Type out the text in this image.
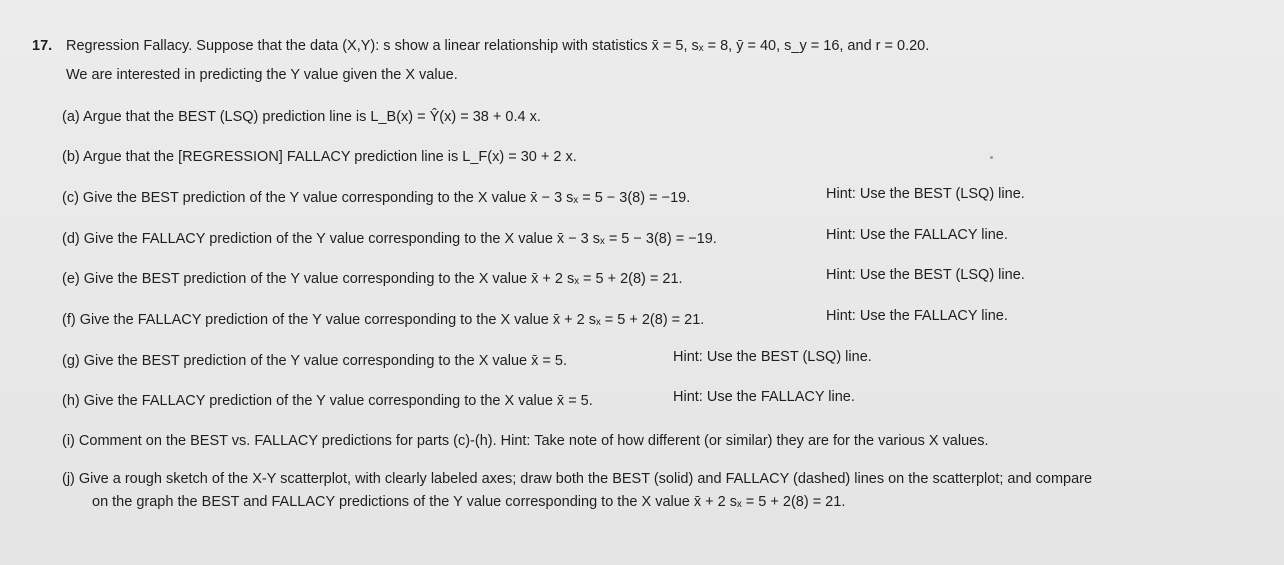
17. Regression Fallacy. Suppose that the data (X,Y): s show a linear relationship with statistics x̄ = 5, sₓ = 8, ȳ = 40, s_y = 16, and r = 0.20.
We are interested in predicting the Y value given the X value.
(a) Argue that the BEST (LSQ) prediction line is L_B(x) = Ŷ(x) = 38 + 0.4 x.
(b) Argue that the [REGRESSION] FALLACY prediction line is L_F(x) = 30 + 2 x.
(c) Give the BEST prediction of the Y value corresponding to the X value x̄ − 3 sₓ = 5 − 3(8) = −19.	Hint: Use the BEST (LSQ) line.
(d) Give the FALLACY prediction of the Y value corresponding to the X value x̄ − 3 sₓ = 5 − 3(8) = −19.	Hint: Use the FALLACY line.
(e) Give the BEST prediction of the Y value corresponding to the X value x̄ + 2 sₓ = 5 + 2(8) = 21.	Hint: Use the BEST (LSQ) line.
(f) Give the FALLACY prediction of the Y value corresponding to the X value x̄ + 2 sₓ = 5 + 2(8) = 21.	Hint: Use the FALLACY line.
(g) Give the BEST prediction of the Y value corresponding to the X value x̄ = 5.	Hint: Use the BEST (LSQ) line.
(h) Give the FALLACY prediction of the Y value corresponding to the X value x̄ = 5.	Hint: Use the FALLACY line.
(i) Comment on the BEST vs. FALLACY predictions for parts (c)-(h). Hint: Take note of how different (or similar) they are for the various X values.
(j) Give a rough sketch of the X-Y scatterplot, with clearly labeled axes; draw both the BEST (solid) and FALLACY (dashed) lines on the scatterplot; and compare
on the graph the BEST and FALLACY predictions of the Y value corresponding to the X value x̄ + 2 sₓ = 5 + 2(8) = 21.
